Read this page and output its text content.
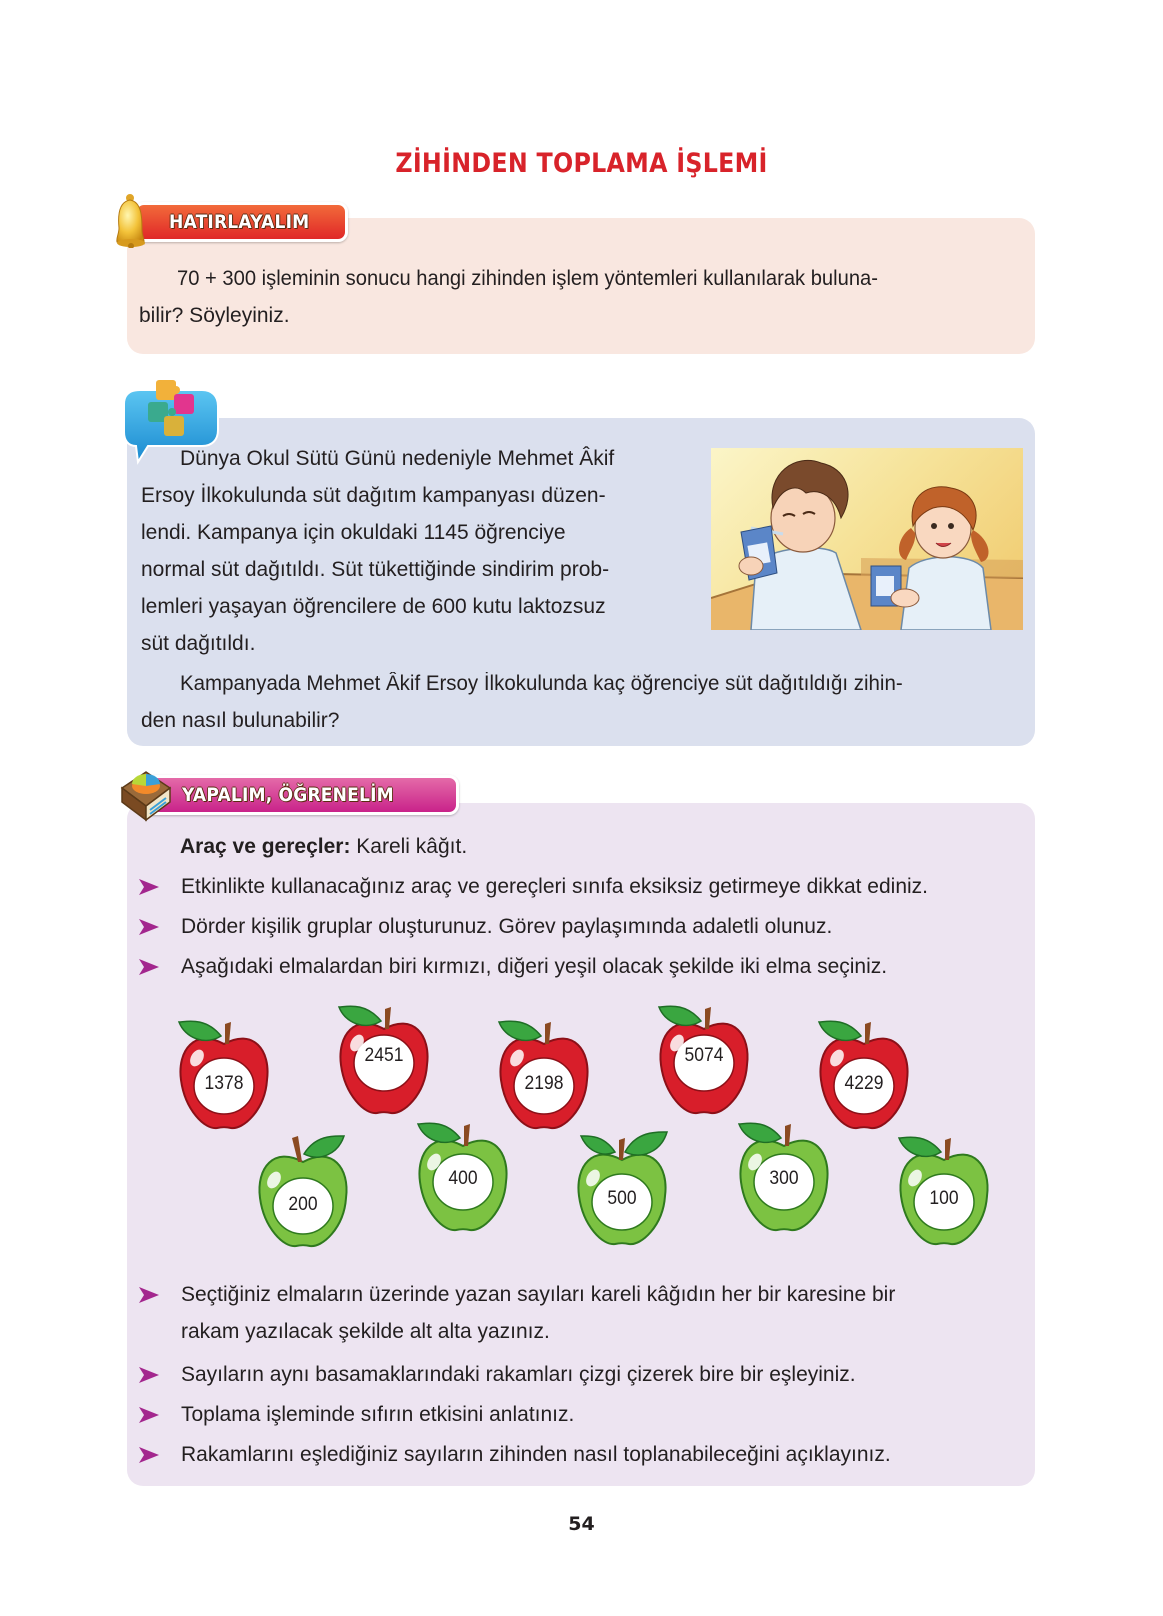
ZİHİNDEN TOPLAMA İŞLEMİ
70 + 300 işleminin sonucu hangi zihinden işlem yöntemleri kullanılarak buluna-
bilir? Söyleyiniz.
HATIRLAYALIM
Dünya Okul Sütü Günü nedeniyle Mehmet Âkif
Ersoy İlkokulunda süt dağıtım kampanyası düzen-
lendi. Kampanya için okuldaki 1145 öğrenciye
normal süt dağıtıldı. Süt tükettiğinde sindirim prob-
lemleri yaşayan öğrencilere de 600 kutu laktozsuz
süt dağıtıldı.
Kampanyada Mehmet Âkif Ersoy İlkokulunda kaç öğrenciye süt dağıtıldığı zihin-
den nasıl bulunabilir?
YAPALIM, ÖĞRENELİM
Araç ve gereçler: Kareli kâğıt.
Etkinlikte kullanacağınız araç ve gereçleri sınıfa eksiksiz getirmeye dikkat ediniz.
Dörder kişilik gruplar oluşturunuz. Görev paylaşımında adaletli olunuz.
Aşağıdaki elmalardan biri kırmızı, diğeri yeşil olacak şekilde iki elma seçiniz.
1378
2451
2198
5074
4229
200
400
500
300
100
Seçtiğiniz elmaların üzerinde yazan sayıları kareli kâğıdın her bir karesine bir
rakam yazılacak şekilde alt alta yazınız.
Sayıların aynı basamaklarındaki rakamları çizgi çizerek bire bir eşleyiniz.
Toplama işleminde sıfırın etkisini anlatınız.
Rakamlarını eşlediğiniz sayıların zihinden nasıl toplanabileceğini açıklayınız.
54
